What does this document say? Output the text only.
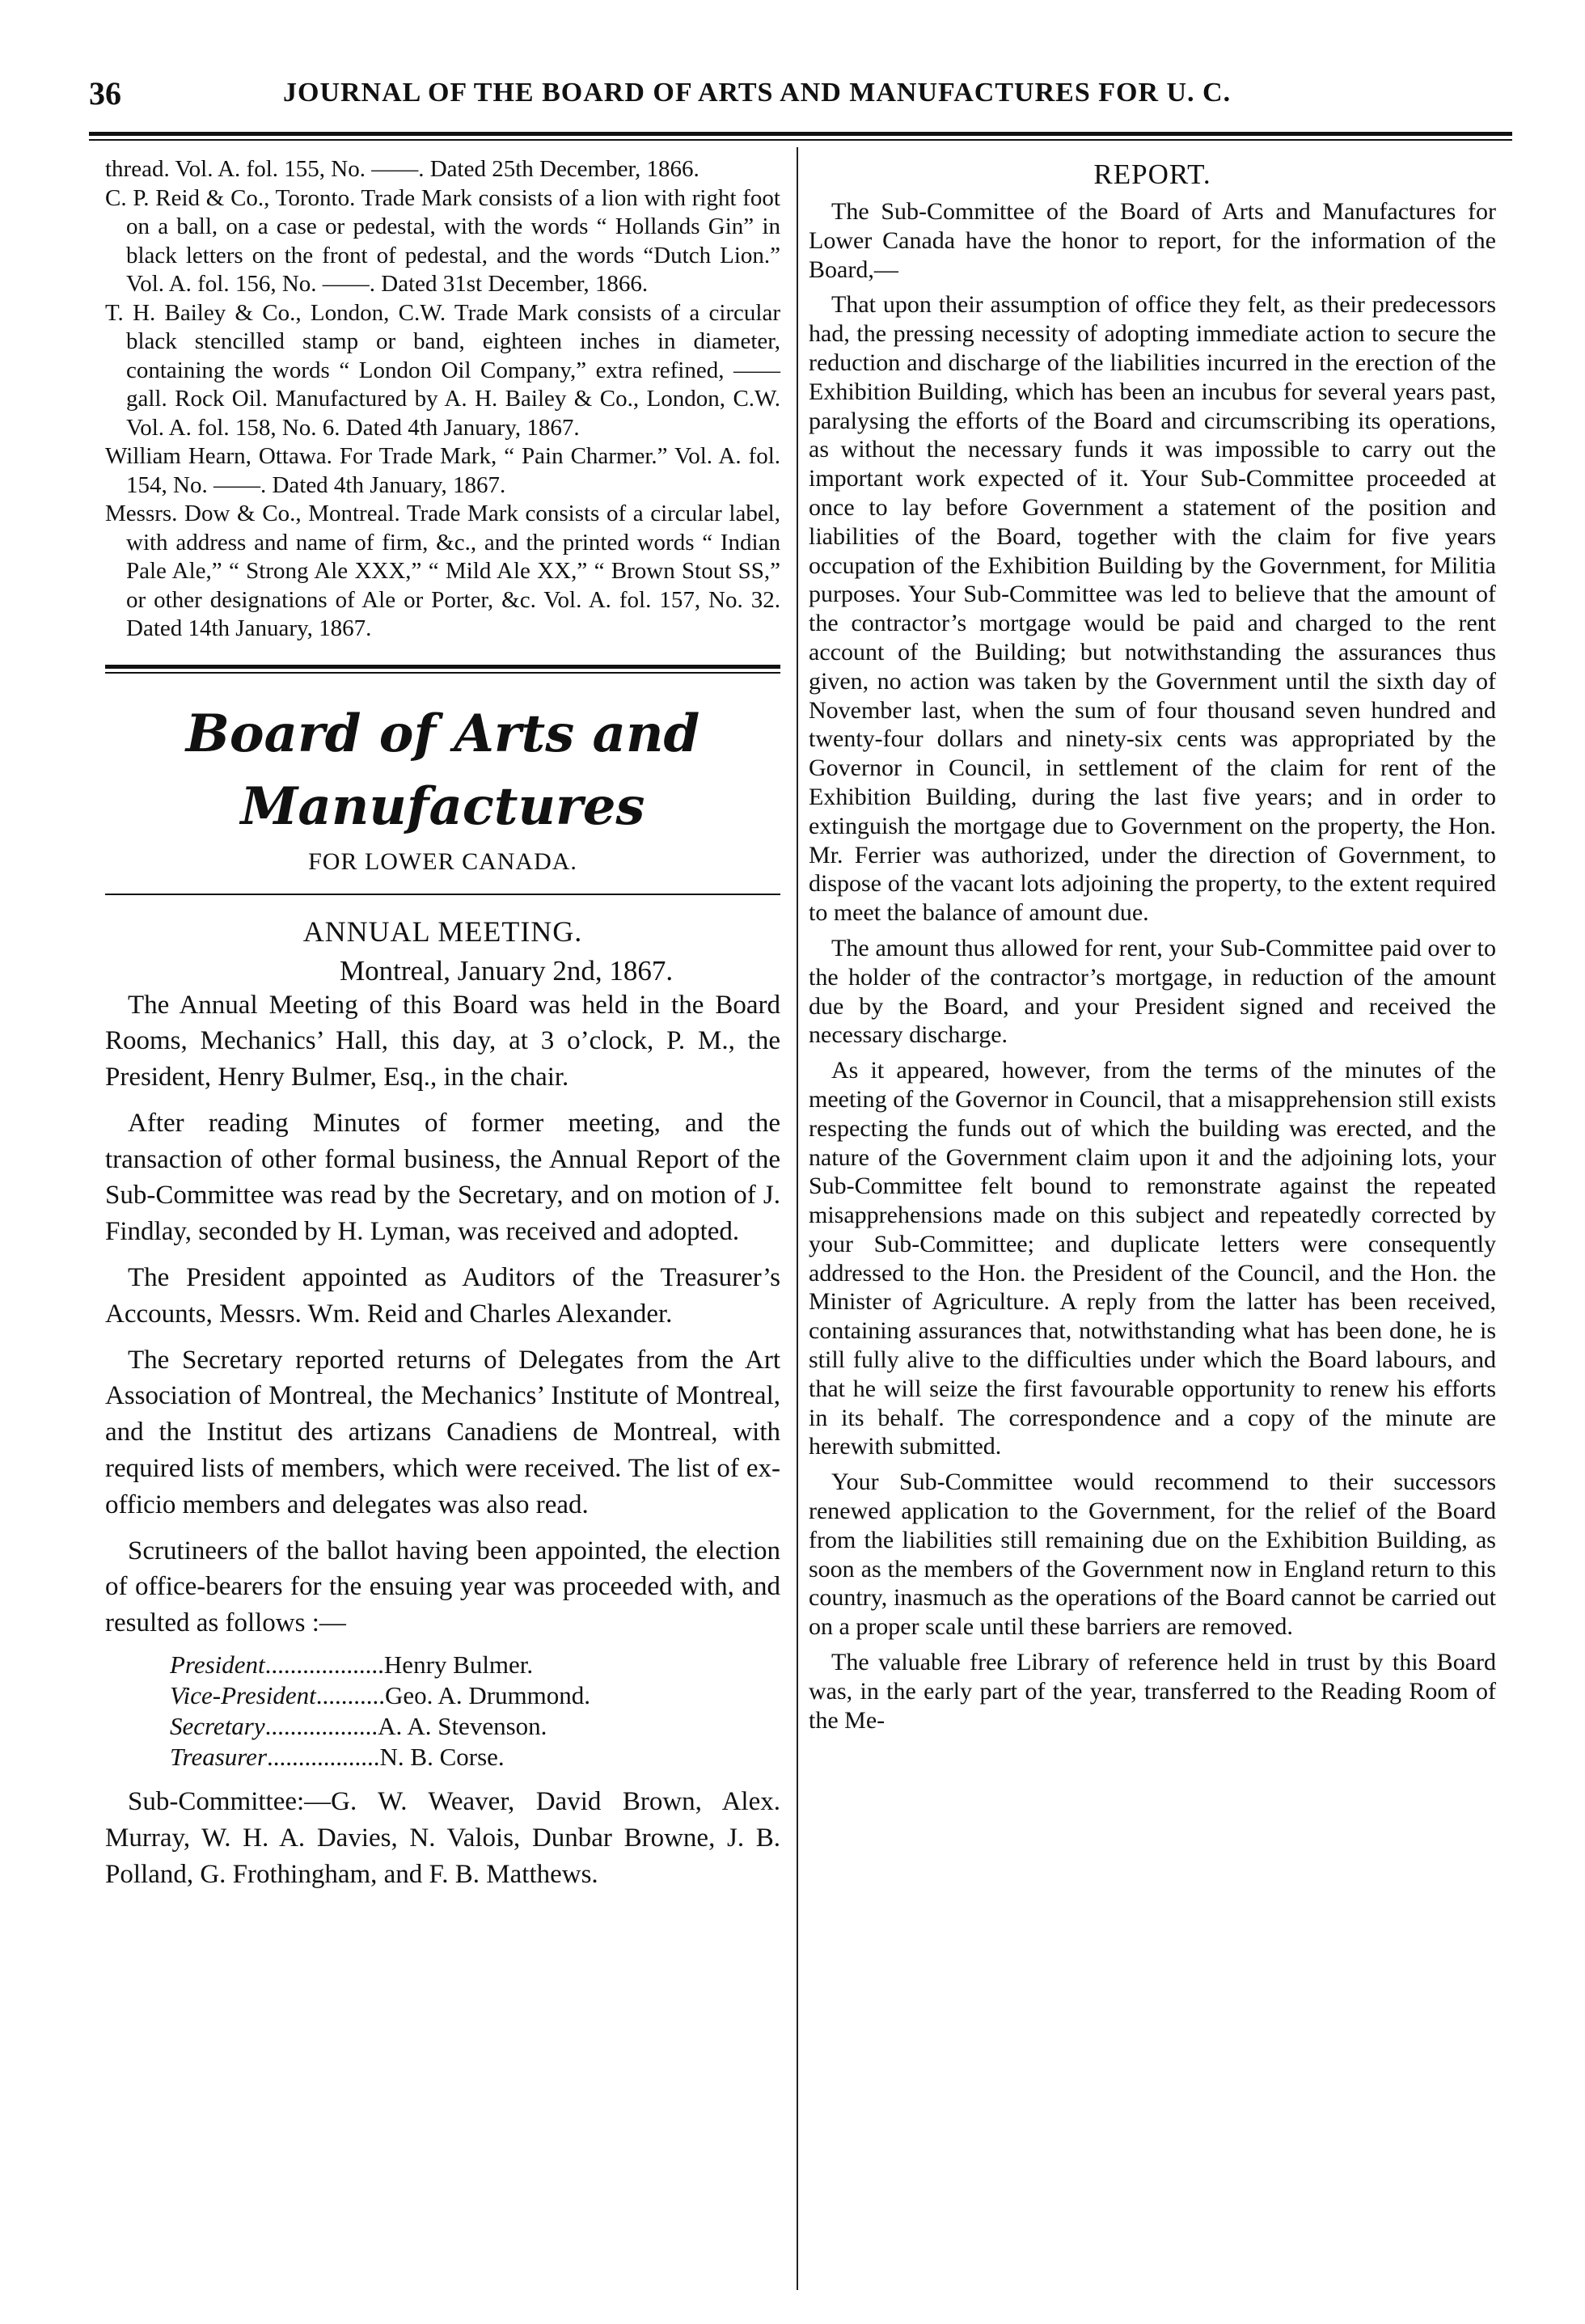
36	JOURNAL OF THE BOARD OF ARTS AND MANUFACTURES FOR U. C.

thread. Vol. A. fol. 155, No. ——. Dated 25th December, 1866.

C. P. Reid & Co., Toronto. Trade Mark consists of a lion with right foot on a ball, on a case or pedestal, with the words “ Hollands Gin” in black letters on the front of pedestal, and the words “Dutch Lion.” Vol. A. fol. 156, No. ——. Dated 31st December, 1866.

T. H. Bailey & Co., London, C.W. Trade Mark consists of a circular black stencilled stamp or band, eighteen inches in diameter, containing the words “ London Oil Company,” extra refined, —— gall. Rock Oil. Manufactured by A. H. Bailey & Co., London, C.W. Vol. A. fol. 158, No. 6. Dated 4th January, 1867.

William Hearn, Ottawa. For Trade Mark, “ Pain Charmer.” Vol. A. fol. 154, No. ——. Dated 4th January, 1867.

Messrs. Dow & Co., Montreal. Trade Mark consists of a circular label, with address and name of firm, &c., and the printed words “ Indian Pale Ale,” “ Strong Ale XXX,” “ Mild Ale XX,” “ Brown Stout SS,” or other designations of Ale or Porter, &c. Vol. A. fol. 157, No. 32. Dated 14th January, 1867.

Board of Arts and Manufactures
FOR LOWER CANADA.
ANNUAL MEETING.
Montreal, January 2nd, 1867.

The Annual Meeting of this Board was held in the Board Rooms, Mechanics’ Hall, this day, at 3 o’clock, P. M., the President, Henry Bulmer, Esq., in the chair.

After reading Minutes of former meeting, and the transaction of other formal business, the Annual Report of the Sub-Committee was read by the Secretary, and on motion of J. Findlay, seconded by H. Lyman, was received and adopted.

The President appointed as Auditors of the Treasurer’s Accounts, Messrs. Wm. Reid and Charles Alexander.

The Secretary reported returns of Delegates from the Art Association of Montreal, the Mechanics’ Institute of Montreal, and the Institut des artizans Canadiens de Montreal, with required lists of members, which were received. The list of ex-officio members and delegates was also read.

Scrutineers of the ballot having been appointed, the election of office-bearers for the ensuing year was proceeded with, and resulted as follows :—

President ................... Henry Bulmer.
Vice-President ........... Geo. A. Drummond.
Secretary .................. A. A. Stevenson.
Treasurer .................. N. B. Corse.

Sub-Committee:—G. W. Weaver, David Brown, Alex. Murray, W. H. A. Davies, N. Valois, Dunbar Browne, J. B. Polland, G. Frothingham, and F. B. Matthews.

REPORT.

The Sub-Committee of the Board of Arts and Manufactures for Lower Canada have the honor to report, for the information of the Board,—

That upon their assumption of office they felt, as their predecessors had, the pressing necessity of adopting immediate action to secure the reduction and discharge of the liabilities incurred in the erection of the Exhibition Building, which has been an incubus for several years past, paralysing the efforts of the Board and circumscribing its operations, as without the necessary funds it was impossible to carry out the important work expected of it. Your Sub-Committee proceeded at once to lay before Government a statement of the position and liabilities of the Board, together with the claim for five years occupation of the Exhibition Building by the Government, for Militia purposes. Your Sub-Committee was led to believe that the amount of the contractor’s mortgage would be paid and charged to the rent account of the Building; but notwithstanding the assurances thus given, no action was taken by the Government until the sixth day of November last, when the sum of four thousand seven hundred and twenty-four dollars and ninety-six cents was appropriated by the Governor in Council, in settlement of the claim for rent of the Exhibition Building, during the last five years; and in order to extinguish the mortgage due to Government on the property, the Hon. Mr. Ferrier was authorized, under the direction of Government, to dispose of the vacant lots adjoining the property, to the extent required to meet the balance of amount due.

The amount thus allowed for rent, your Sub-Committee paid over to the holder of the contractor’s mortgage, in reduction of the amount due by the Board, and your President signed and received the necessary discharge.

As it appeared, however, from the terms of the minutes of the meeting of the Governor in Council, that a misapprehension still exists respecting the funds out of which the building was erected, and the nature of the Government claim upon it and the adjoining lots, your Sub-Committee felt bound to remonstrate against the repeated misapprehensions made on this subject and repeatedly corrected by your Sub-Committee; and duplicate letters were consequently addressed to the Hon. the President of the Council, and the Hon. the Minister of Agriculture. A reply from the latter has been received, containing assurances that, notwithstanding what has been done, he is still fully alive to the difficulties under which the Board labours, and that he will seize the first favourable opportunity to renew his efforts in its behalf. The correspondence and a copy of the minute are herewith submitted.

Your Sub-Committee would recommend to their successors renewed application to the Government, for the relief of the Board from the liabilities still remaining due on the Exhibition Building, as soon as the members of the Government now in England return to this country, inasmuch as the operations of the Board cannot be carried out on a proper scale until these barriers are removed.

The valuable free Library of reference held in trust by this Board was, in the early part of the year, transferred to the Reading Room of the Me-
